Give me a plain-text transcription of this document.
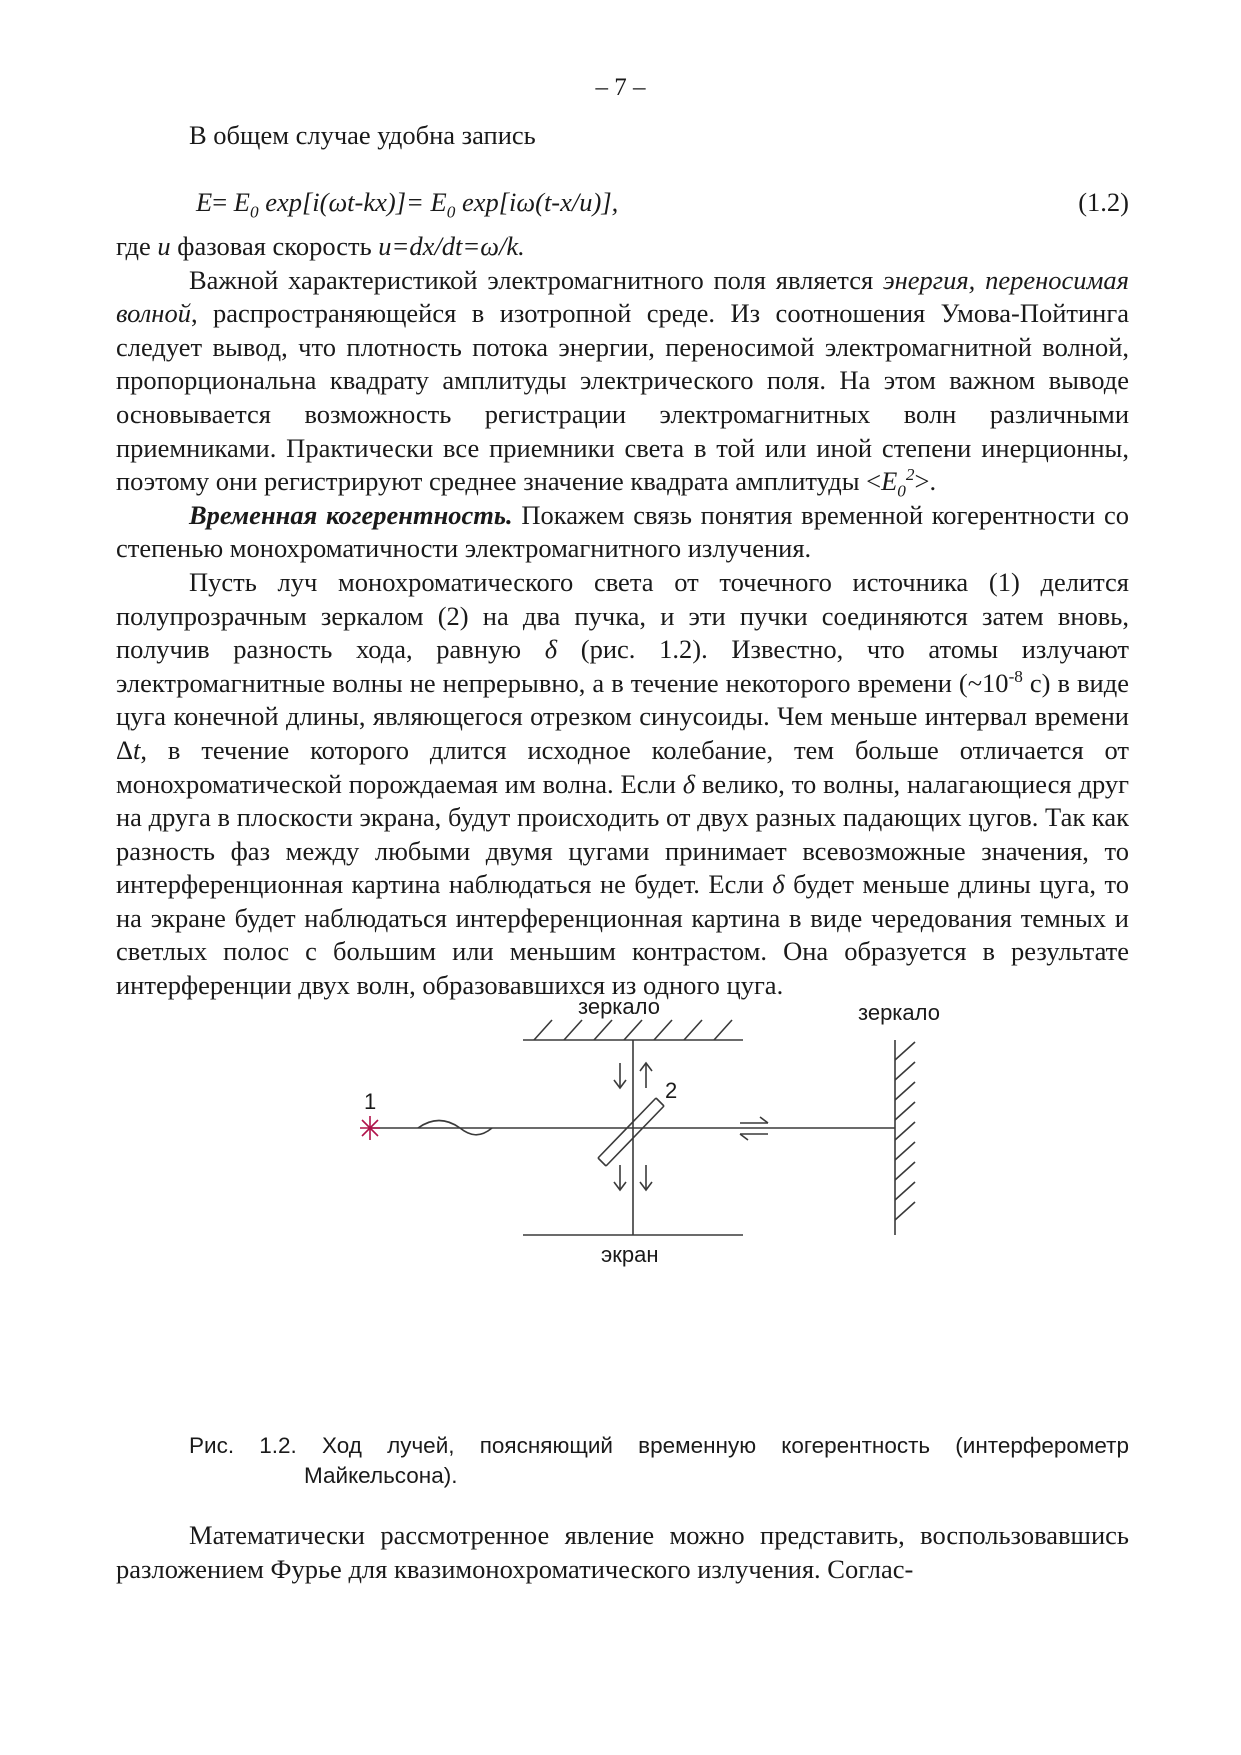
– 7 –
В общем случае удобна запись
$E= E_0$ $\exp[i(\omega t-kx)]= E_0$ exp[iω(t-x/u)],	(1.2)

где u фазовая скорость u=dx/dt=ω/k.

Важной характеристикой электромагнитного поля является энергия, переносимая волной, распространяющейся в изотропной среде. Из соотношения Умова-Пойтинга следует вывод, что плотность потока энергии, переносимой электромагнитной волной, пропорциональна квадрату амплитуды электрического поля. На этом важном выводе основывается возможность регистрации электромагнитных волн различными приемниками. Практически все приемники света в той или иной степени инерционны, поэтому они регистрируют среднее значение квадрата амплитуды $<E_0^2>$.

Временная когерентность. Покажем связь понятия временной когерентности со степенью монохроматичности электромагнитного излучения.

Пусть луч монохроматического света от точечного источника (1) делится полупрозрачным зеркалом (2) на два пучка, и эти пучки соединяются затем вновь, получив разность хода, равную δ (рис. 1.2). Известно, что атомы излучают электромагнитные волны не непрерывно, а в течение некоторого времени ($\sim 10^{-8}$ с) в виде цуга конечной длины, являющегося отрезком синусоиды. Чем меньше интервал времени Δt, в течение которого длится исходное колебание, тем больше отличается от монохроматической порождаемая им волна. Если δ велико, то волны, налагающиеся друг на друга в плоскости экрана, будут происходить от двух разных падающих цугов. Так как разность фаз между любыми двумя цугами принимает всевозможные значения, то интерференционная картина наблюдаться не будет. Если δ будет меньше длины цуга, то на экране будет наблюдаться интерференционная картина в виде чередования темных и светлых полос с большим или меньшим контрастом. Она образуется в результате интерференции двух волн, образовавшихся из одного цуга.

зеркало	зеркало
1	2
экран
Рис. 1.2. Ход лучей, поясняющий временную когерентность (интерферометр
Майкельсона).

Математически рассмотренное явление можно представить, воспользовавшись разложением Фурье для квазимонохроматического излучения. Соглас-
